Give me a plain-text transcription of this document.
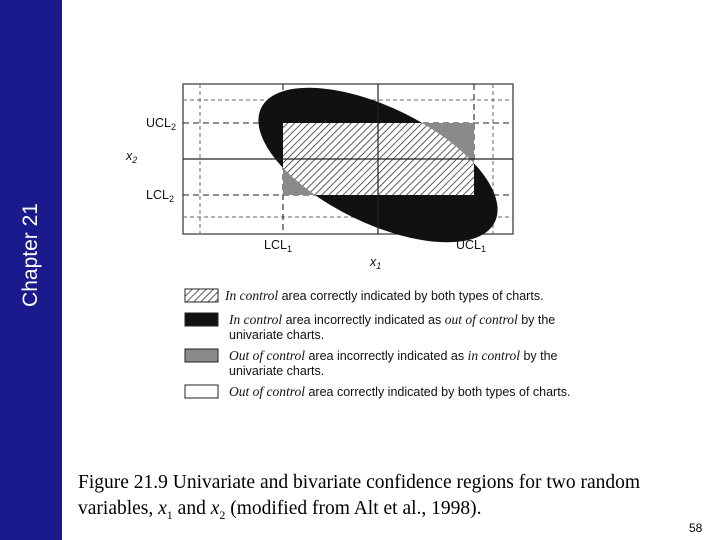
Chapter 21
$UCL_2$
$x_2$
$LCL_2$
$LCL_1$	$UCL_1$
$x_1$
In control area correctly indicated by both types of charts.
In control area incorrectly indicated as out of control by the
univariate charts.
Out of control area incorrectly indicated as in control by the
univariate charts.
Out of control area correctly indicated by both types of charts.

Figure 21.9 Univariate and bivariate confidence regions for two random variables, $x_1$ and $x_2$ (modified from Alt et al., 1998).

58
